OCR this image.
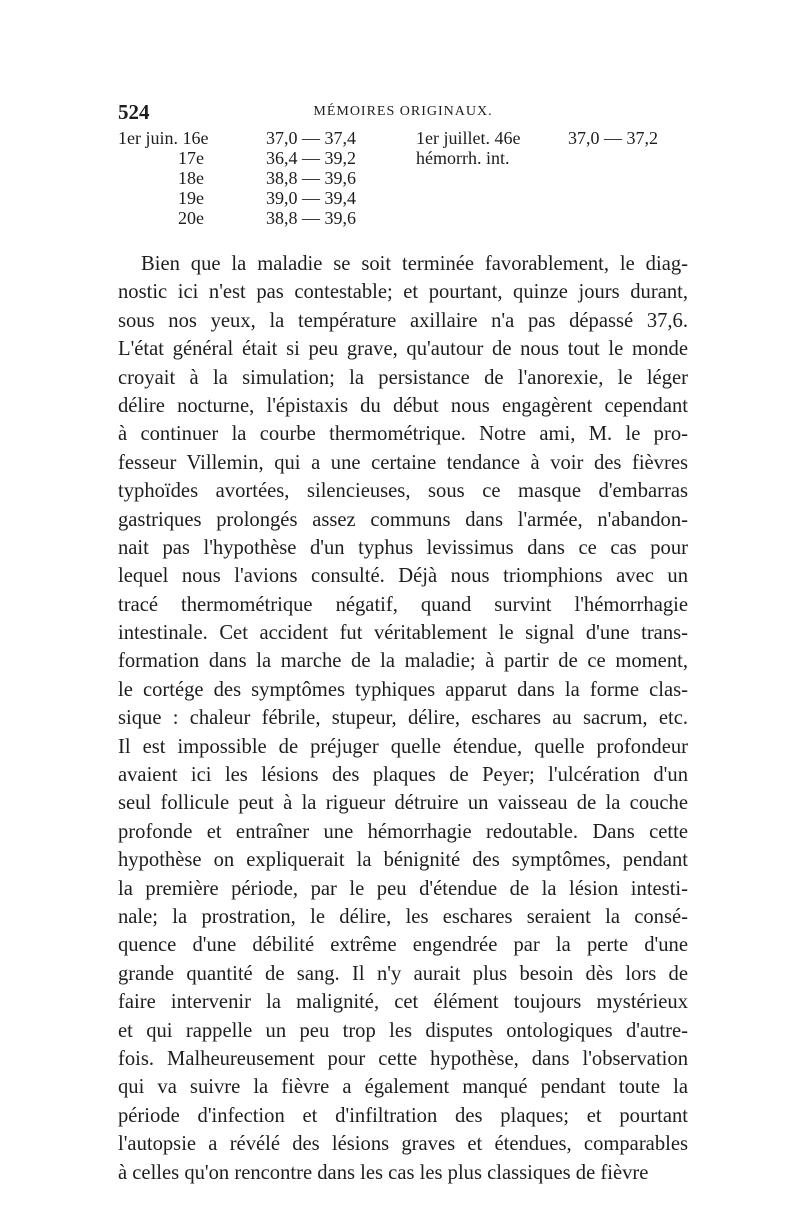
524	MÉMOIRES ORIGINAUX.
1er juin. 16e	37,0 — 37,4	1er juillet. 46e	37,0 — 37,2
17e	36,4 — 39,2	hémorrh. int.
18e	38,8 — 39,6
19e	39,0 — 39,4
20e	38,8 — 39,6
Bien que la maladie se soit terminée favorablement, le diag-
nostic ici n'est pas contestable; et pourtant, quinze jours durant,
sous nos yeux, la température axillaire n'a pas dépassé 37,6.
L'état général était si peu grave, qu'autour de nous tout le monde
croyait à la simulation; la persistance de l'anorexie, le léger
délire nocturne, l'épistaxis du début nous engagèrent cependant
à continuer la courbe thermométrique. Notre ami, M. le pro-
fesseur Villemin, qui a une certaine tendance à voir des fièvres
typhoïdes avortées, silencieuses, sous ce masque d'embarras
gastriques prolongés assez communs dans l'armée, n'abandon-
nait pas l'hypothèse d'un typhus levissimus dans ce cas pour
lequel nous l'avions consulté. Déjà nous triomphions avec un
tracé thermométrique négatif, quand survint l'hémorrhagie
intestinale. Cet accident fut véritablement le signal d'une trans-
formation dans la marche de la maladie; à partir de ce moment,
le cortége des symptômes typhiques apparut dans la forme clas-
sique : chaleur fébrile, stupeur, délire, eschares au sacrum, etc.
Il est impossible de préjuger quelle étendue, quelle profondeur
avaient ici les lésions des plaques de Peyer; l'ulcération d'un
seul follicule peut à la rigueur détruire un vaisseau de la couche
profonde et entraîner une hémorrhagie redoutable. Dans cette
hypothèse on expliquerait la bénignité des symptômes, pendant
la première période, par le peu d'étendue de la lésion intesti-
nale; la prostration, le délire, les eschares seraient la consé-
quence d'une débilité extrême engendrée par la perte d'une
grande quantité de sang. Il n'y aurait plus besoin dès lors de
faire intervenir la malignité, cet élément toujours mystérieux
et qui rappelle un peu trop les disputes ontologiques d'autre-
fois. Malheureusement pour cette hypothèse, dans l'observation
qui va suivre la fièvre a également manqué pendant toute la
période d'infection et d'infiltration des plaques; et pourtant
l'autopsie a révélé des lésions graves et étendues, comparables
à celles qu'on rencontre dans les cas les plus classiques de fièvre
